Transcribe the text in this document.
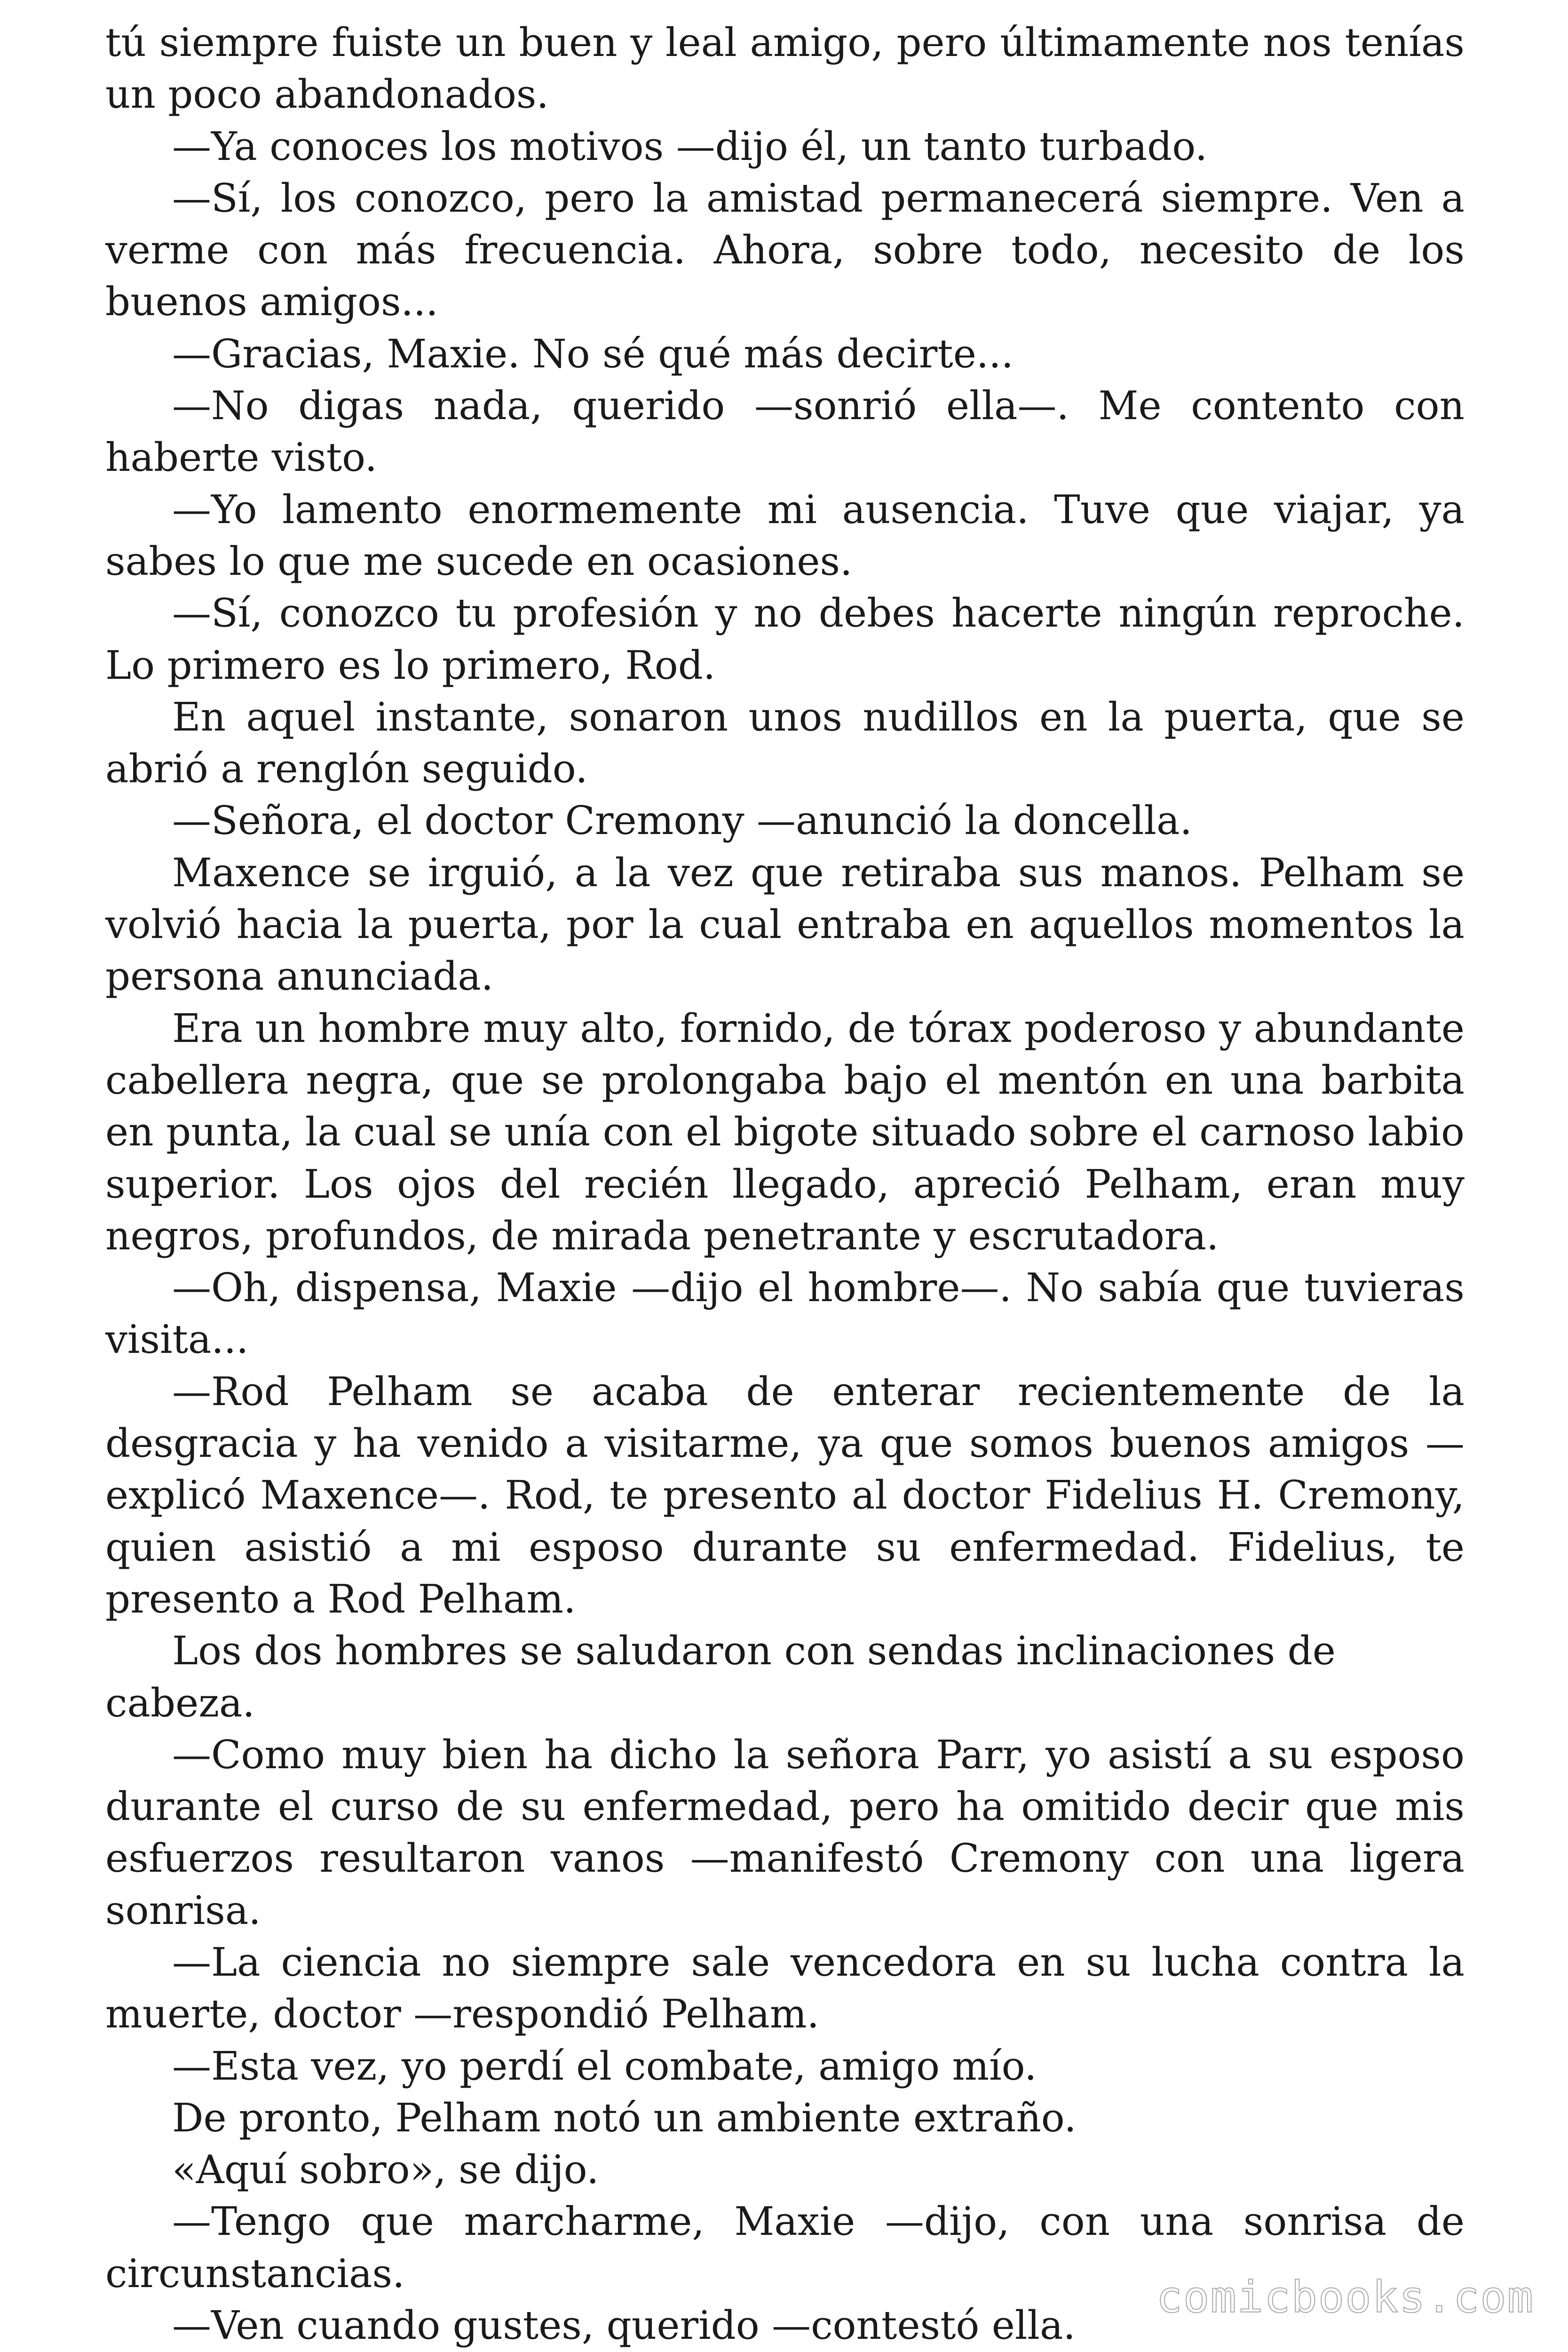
tú siempre fuiste un buen y leal amigo, pero últimamente nos tenías un poco abandonados.

—Ya conoces los motivos —dijo él, un tanto turbado.

—Sí, los conozco, pero la amistad permanecerá siempre. Ven a verme con más frecuencia. Ahora, sobre todo, necesito de los buenos amigos...

—Gracias, Maxie. No sé qué más decirte...

—No digas nada, querido —sonrió ella—. Me contento con haberte visto.

—Yo lamento enormemente mi ausencia. Tuve que viajar, ya sabes lo que me sucede en ocasiones.

—Sí, conozco tu profesión y no debes hacerte ningún reproche. Lo primero es lo primero, Rod.

En aquel instante, sonaron unos nudillos en la puerta, que se abrió a renglón seguido.

—Señora, el doctor Cremony —anunció la doncella.

Maxence se irguió, a la vez que retiraba sus manos. Pelham se volvió hacia la puerta, por la cual entraba en aquellos momentos la persona anunciada.

Era un hombre muy alto, fornido, de tórax poderoso y abundante cabellera negra, que se prolongaba bajo el mentón en una barbita en punta, la cual se unía con el bigote situado sobre el carnoso labio superior. Los ojos del recién llegado, apreció Pelham, eran muy negros, profundos, de mirada penetrante y escrutadora.

—Oh, dispensa, Maxie —dijo el hombre—. No sabía que tuvieras visita...

—Rod Pelham se acaba de enterar recientemente de la desgracia y ha venido a visitarme, ya que somos buenos amigos —explicó Maxence—. Rod, te presento al doctor Fidelius H. Cremony, quien asistió a mi esposo durante su enfermedad. Fidelius, te presento a Rod Pelham.

Los dos hombres se saludaron con sendas inclinaciones de cabeza.

—Como muy bien ha dicho la señora Parr, yo asistí a su esposo durante el curso de su enfermedad, pero ha omitido decir que mis esfuerzos resultaron vanos —manifestó Cremony con una ligera sonrisa.

—La ciencia no siempre sale vencedora en su lucha contra la muerte, doctor —respondió Pelham.

—Esta vez, yo perdí el combate, amigo mío.

De pronto, Pelham notó un ambiente extraño.

«Aquí sobro», se dijo.

—Tengo que marcharme, Maxie —dijo, con una sonrisa de circunstancias.

—Ven cuando gustes, querido —contestó ella.

comicbooks.com
